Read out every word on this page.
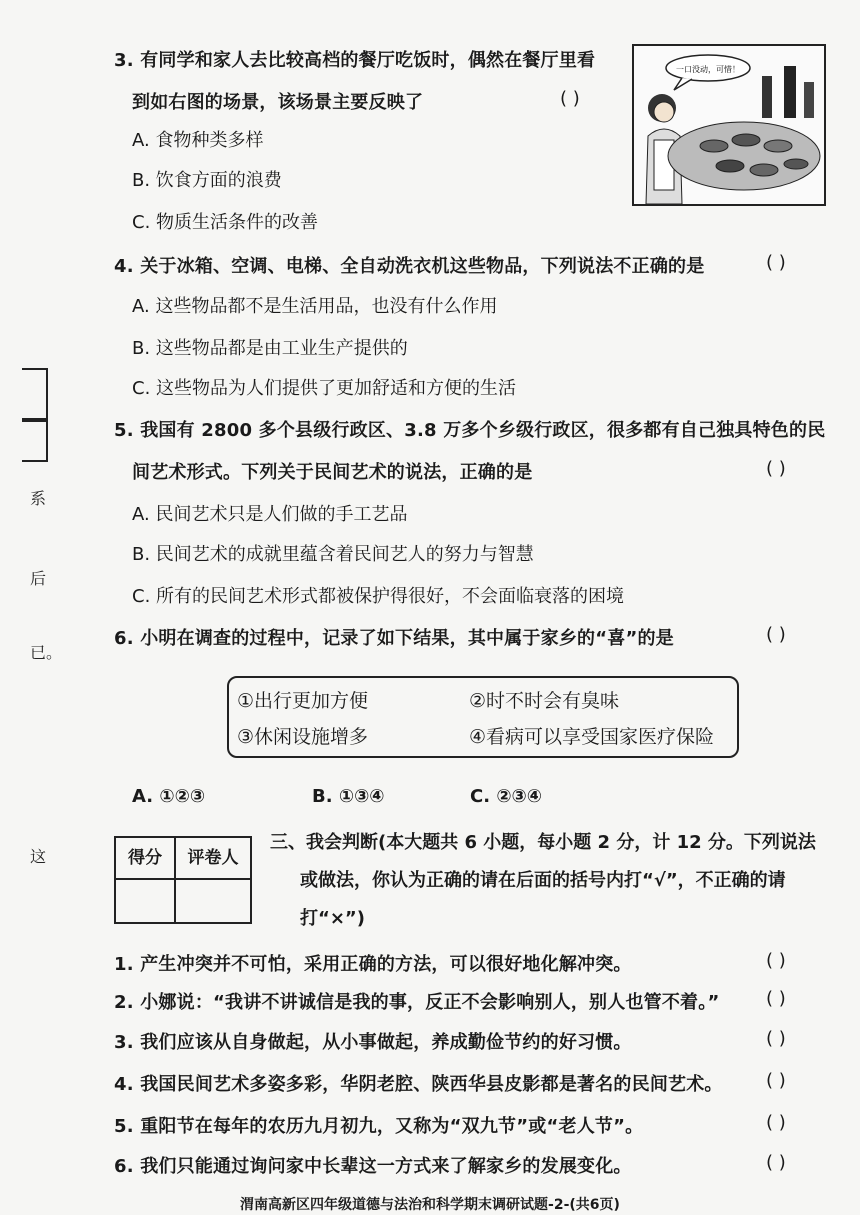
系
后
已。
这
3. 有同学和家人去比较高档的餐厅吃饭时，偶然在餐厅里看
到如右图的场景，该场景主要反映了	( )
A. 食物种类多样
B. 饮食方面的浪费
C. 物质生活条件的改善
一口没动，可惜！
4. 关于冰箱、空调、电梯、全自动洗衣机这些物品，下列说法不正确的是	( )
A. 这些物品都不是生活用品，也没有什么作用
B. 这些物品都是由工业生产提供的
C. 这些物品为人们提供了更加舒适和方便的生活
5. 我国有 2800 多个县级行政区、3.8 万多个乡级行政区，很多都有自己独具特色的民
间艺术形式。下列关于民间艺术的说法，正确的是	( )
A. 民间艺术只是人们做的手工艺品
B. 民间艺术的成就里蕴含着民间艺人的努力与智慧
C. 所有的民间艺术形式都被保护得很好，不会面临衰落的困境
6. 小明在调查的过程中，记录了如下结果，其中属于家乡的“喜”的是	( )
①出行更加方便	②时不时会有臭味
③休闲设施增多	④看病可以享受国家医疗保险
A. ①②③	B. ①③④	C. ②③④
得分	评卷人
三、我会判断(本大题共 6 小题，每小题 2 分，计 12 分。下列说法
或做法，你认为正确的请在后面的括号内打“√”，不正确的请
打“×”)
1. 产生冲突并不可怕，采用正确的方法，可以很好地化解冲突。	( )
2. 小娜说：“我讲不讲诚信是我的事，反正不会影响别人，别人也管不着。”	( )
3. 我们应该从自身做起，从小事做起，养成勤俭节约的好习惯。	( )
4. 我国民间艺术多姿多彩，华阴老腔、陕西华县皮影都是著名的民间艺术。 ( )
5. 重阳节在每年的农历九月初九，又称为“双九节”或“老人节”。	( )
6. 我们只能通过询问家中长辈这一方式来了解家乡的发展变化。	( )
渭南高新区四年级道德与法治和科学期末调研试题-2-(共6页)
